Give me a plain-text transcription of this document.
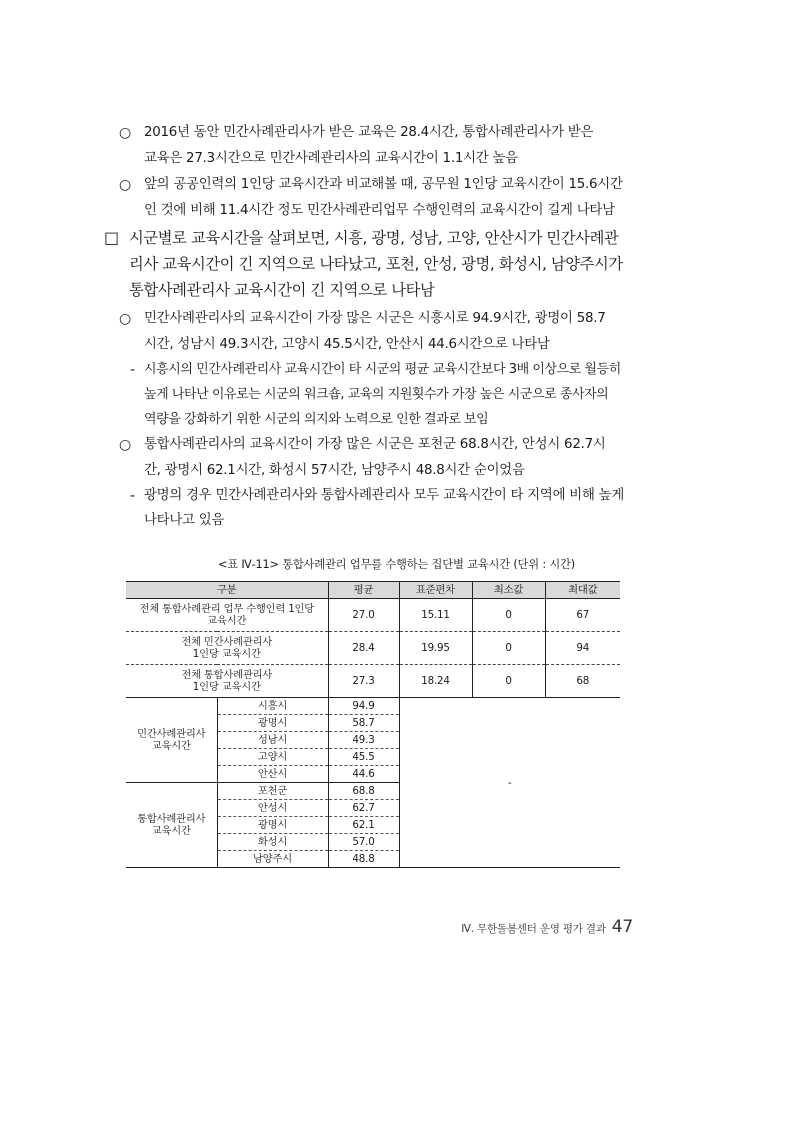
○ 2016년 동안 민간사례관리사가 받은 교육은 28.4시간, 통합사례관리사가 받은
교육은 27.3시간으로 민간사례관리사의 교육시간이 1.1시간 높음
○ 앞의 공공인력의 1인당 교육시간과 비교해볼 때, 공무원 1인당 교육시간이 15.6시간
인 것에 비해 11.4시간 정도 민간사례관리업무 수행인력의 교육시간이 길게 나타남
□ 시군별로 교육시간을 살펴보면, 시흥, 광명, 성남, 고양, 안산시가 민간사례관
리사 교육시간이 긴 지역으로 나타났고, 포천, 안성, 광명, 화성시, 남양주시가
통합사례관리사 교육시간이 긴 지역으로 나타남
○ 민간사례관리사의 교육시간이 가장 많은 시군은 시흥시로 94.9시간, 광명이 58.7
시간, 성남시 49.3시간, 고양시 45.5시간, 안산시 44.6시간으로 나타남
- 시흥시의 민간사례관리사 교육시간이 타 시군의 평균 교육시간보다 3배 이상으로 월등히
높게 나타난 이유로는 시군의 워크숍, 교육의 지원횟수가 가장 높은 시군으로 종사자의
역량을 강화하기 위한 시군의 의지와 노력으로 인한 결과로 보임
○ 통합사례관리사의 교육시간이 가장 많은 시군은 포천군 68.8시간, 안성시 62.7시
간, 광명시 62.1시간, 화성시 57시간, 남양주시 48.8시간 순이었음
- 광명의 경우 민간사례관리사와 통합사례관리사 모두 교육시간이 타 지역에 비해 높게
나타나고 있음
<표 Ⅳ-11> 통합사례관리 업무를 수행하는 집단별 교육시간 (단위 : 시간)
구분		평균	표준편차	최소값	최대값
전체 통합사례관리 업무 수행인력 1인당
교육시간		27.0	15.11	0	67
전체 민간사례관리사
1인당 교육시간		28.4	19.95	0	94
전체 통합사례관리사
1인당 교육시간		27.3	18.24	0	68
민간사례관리사
교육시간	시흥시	94.9	-		
	광명시	58.7			
	성남시	49.3			
	고양시	45.5			
	안산시	44.6			
통합사례관리사
교육시간	포천군	68.8			
	안성시	62.7			
	광명시	62.1			
	화성시	57.0			
	남양주시	48.8			
Ⅳ. 무한돌봄센터 운영 평가 결과 47
